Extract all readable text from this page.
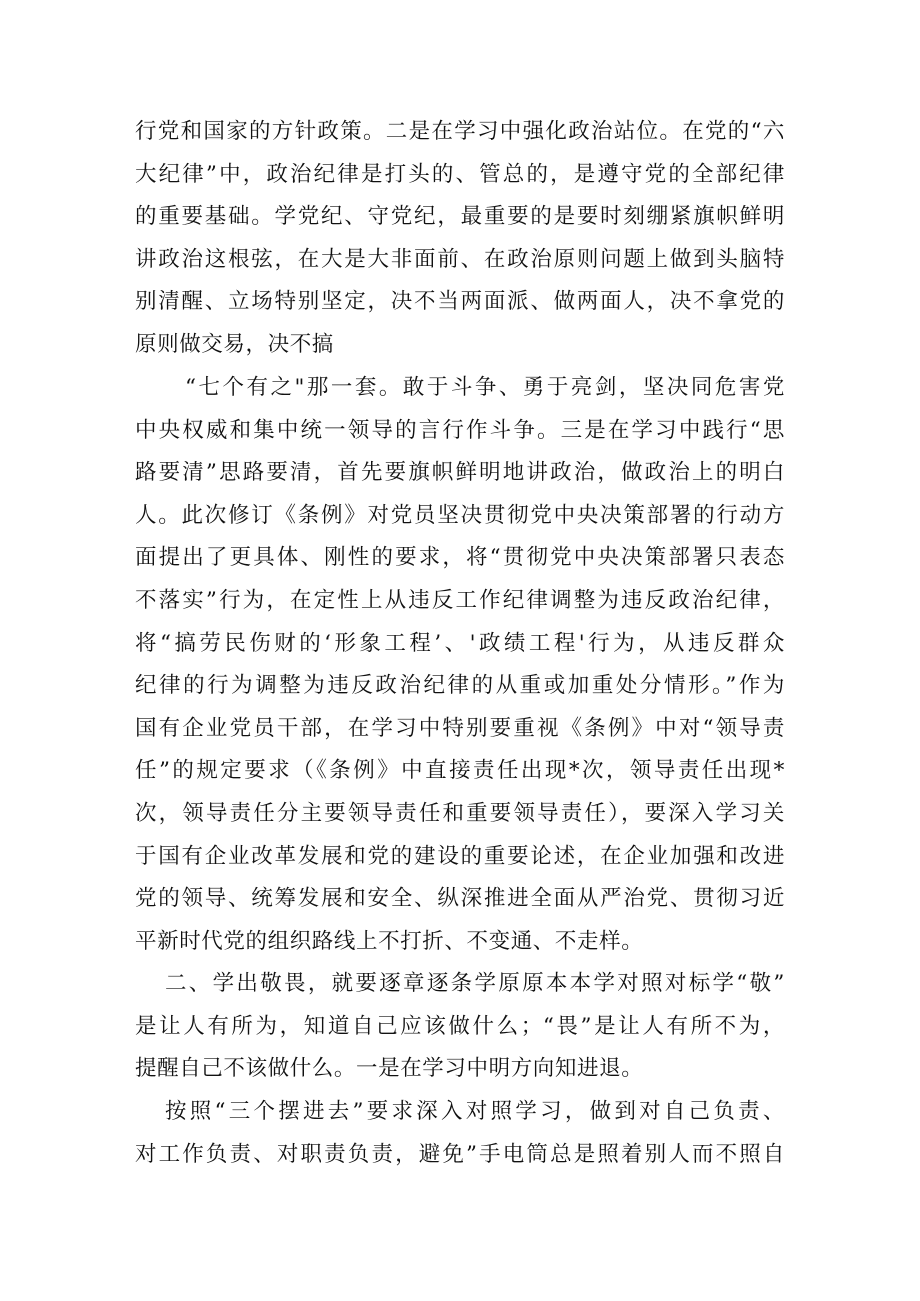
行党和国家的方针政策。二是在学习中强化政治站位。在党的“六
大纪律”中，政治纪律是打头的、管总的，是遵守党的全部纪律
的重要基础。学党纪、守党纪，最重要的是要时刻绷紧旗帜鲜明
讲政治这根弦，在大是大非面前、在政治原则问题上做到头脑特
别清醒、立场特别坚定，决不当两面派、做两面人，决不拿党的
原则做交易，决不搞
“七个有之"那一套。敢于斗争、勇于亮剑，坚决同危害党
中央权威和集中统一领导的言行作斗争。三是在学习中践行“思
路要清”思路要清，首先要旗帜鲜明地讲政治，做政治上的明白
人。此次修订《条例》对党员坚决贯彻党中央决策部署的行动方
面提出了更具体、刚性的要求，将“贯彻党中央决策部署只表态
不落实”行为，在定性上从违反工作纪律调整为违反政治纪律，
将“搞劳民伤财的‘形象工程’、'政绩工程'行为，从违反群众
纪律的行为调整为违反政治纪律的从重或加重处分情形。”作为
国有企业党员干部，在学习中特别要重视《条例》中对“领导责
任”的规定要求（《条例》中直接责任出现*次，领导责任出现*
次，领导责任分主要领导责任和重要领导责任），要深入学习关
于国有企业改革发展和党的建设的重要论述，在企业加强和改进
党的领导、统筹发展和安全、纵深推进全面从严治党、贯彻习近
平新时代党的组织路线上不打折、不变通、不走样。
二、学出敬畏，就要逐章逐条学原原本本学对照对标学“敬”
是让人有所为，知道自己应该做什么；“畏”是让人有所不为，
提醒自己不该做什么。一是在学习中明方向知进退。
按照“三个摆进去”要求深入对照学习，做到对自己负责、
对工作负责、对职责负责，避免”手电筒总是照着别人而不照自
